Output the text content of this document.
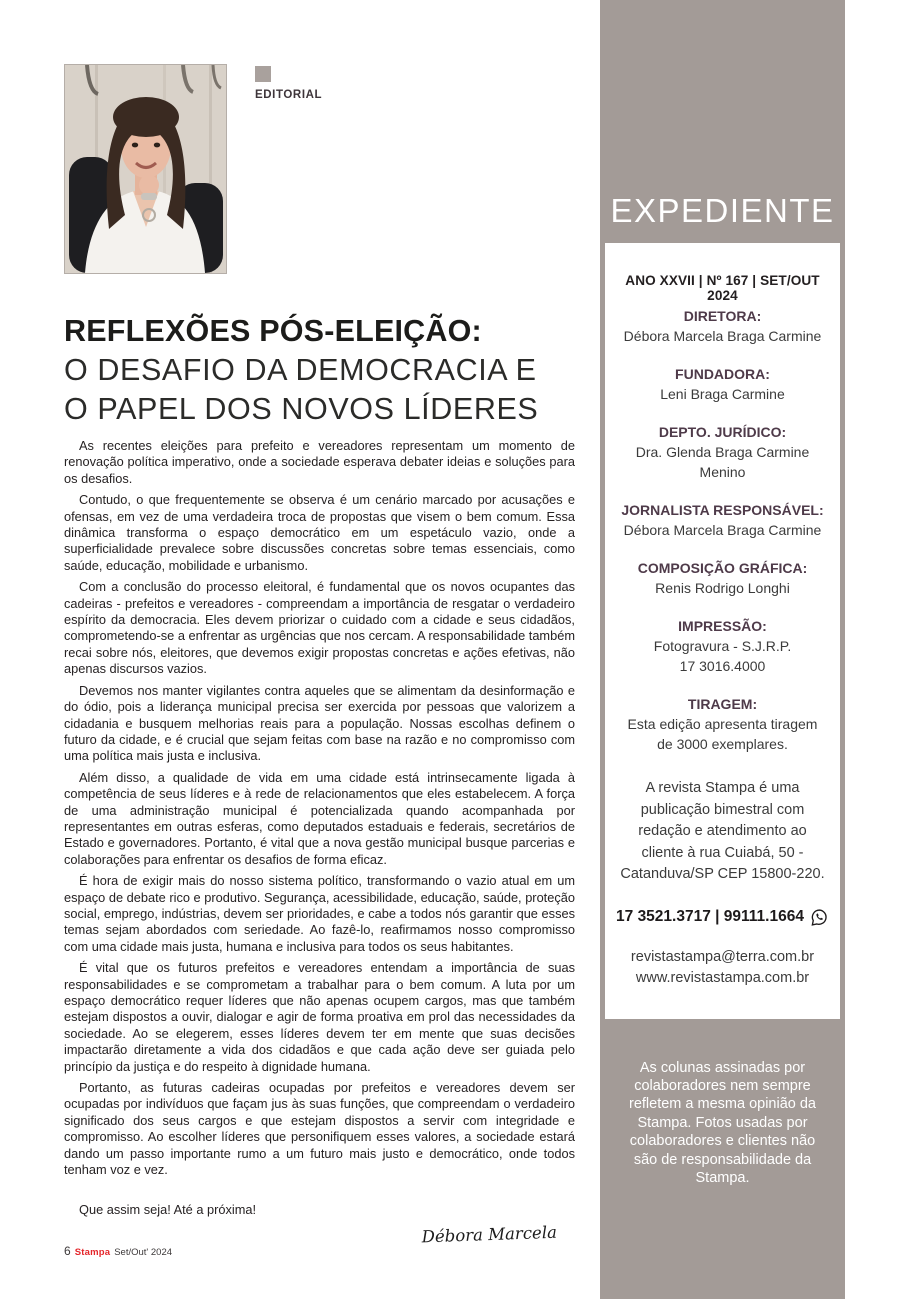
EDITORIAL
REFLEXÕES PÓS-ELEIÇÃO:
O DESAFIO DA DEMOCRACIA E
O PAPEL DOS NOVOS LÍDERES

As recentes eleições para prefeito e vereadores representam um momento de renovação política imperativo, onde a sociedade esperava debater ideias e soluções para os desafios.

Contudo, o que frequentemente se observa é um cenário marcado por acusações e ofensas, em vez de uma verdadeira troca de propostas que visem o bem comum. Essa dinâmica transforma o espaço democrático em um espetáculo vazio, onde a superficialidade prevalece sobre discussões concretas sobre temas essenciais, como saúde, educação, mobilidade e urbanismo.

Com a conclusão do processo eleitoral, é fundamental que os novos ocupantes das cadeiras - prefeitos e vereadores - compreendam a importância de resgatar o verdadeiro espírito da democracia. Eles devem priorizar o cuidado com a cidade e seus cidadãos, comprometendo-se a enfrentar as urgências que nos cercam. A responsabilidade também recai sobre nós, eleitores, que devemos exigir propostas concretas e ações efetivas, não apenas discursos vazios.

Devemos nos manter vigilantes contra aqueles que se alimentam da desinformação e do ódio, pois a liderança municipal precisa ser exercida por pessoas que valorizem a cidadania e busquem melhorias reais para a população. Nossas escolhas definem o futuro da cidade, e é crucial que sejam feitas com base na razão e no compromisso com uma política mais justa e inclusiva.

Além disso, a qualidade de vida em uma cidade está intrinsecamente ligada à competência de seus líderes e à rede de relacionamentos que eles estabelecem. A força de uma administração municipal é potencializada quando acompanhada por representantes em outras esferas, como deputados estaduais e federais, secretários de Estado e governadores. Portanto, é vital que a nova gestão municipal busque parcerias e colaborações para enfrentar os desafios de forma eficaz.

É hora de exigir mais do nosso sistema político, transformando o vazio atual em um espaço de debate rico e produtivo. Segurança, acessibilidade, educação, saúde, proteção social, emprego, indústrias, devem ser prioridades, e cabe a todos nós garantir que esses temas sejam abordados com seriedade. Ao fazê-lo, reafirmamos nosso compromisso com uma cidade mais justa, humana e inclusiva para todos os seus habitantes.

É vital que os futuros prefeitos e vereadores entendam a importância de suas responsabilidades e se comprometam a trabalhar para o bem comum. A luta por um espaço democrático requer líderes que não apenas ocupem cargos, mas que também estejam dispostos a ouvir, dialogar e agir de forma proativa em prol das necessidades da sociedade. Ao se elegerem, esses líderes devem ter em mente que suas decisões impactarão diretamente a vida dos cidadãos e que cada ação deve ser guiada pelo princípio da justiça e do respeito à dignidade humana.

Portanto, as futuras cadeiras ocupadas por prefeitos e vereadores devem ser ocupadas por indivíduos que façam jus às suas funções, que compreendam o verdadeiro significado dos seus cargos e que estejam dispostos a servir com integridade e compromisso. Ao escolher líderes que personifiquem esses valores, a sociedade estará dando um passo importante rumo a um futuro mais justo e democrático, onde todos tenham voz e vez.

Que assim seja! Até a próxima!

Débora Marcela
6 Stampa Set/Out' 2024
EXPEDIENTE
ANO XXVII | Nº 167 | SET/OUT 2024
DIRETORA:
Débora Marcela Braga Carmine
FUNDADORA:
Leni Braga Carmine
DEPTO. JURÍDICO:
Dra. Glenda Braga Carmine Menino
JORNALISTA RESPONSÁVEL:
Débora Marcela Braga Carmine
COMPOSIÇÃO GRÁFICA:
Renis Rodrigo Longhi
IMPRESSÃO:
Fotogravura - S.J.R.P.
17 3016.4000
TIRAGEM:
Esta edição apresenta tiragem
de 3000 exemplares.

A revista Stampa é uma publicação bimestral com redação e atendimento ao cliente à rua Cuiabá, 50 - Catanduva/SP CEP 15800-220.

17 3521.3717 | 99111.1664
revistastampa@terra.com.br
www.revistastampa.com.br

As colunas assinadas por colaboradores nem sempre refletem a mesma opinião da Stampa. Fotos usadas por colaboradores e clientes não são de responsabilidade da Stampa.
